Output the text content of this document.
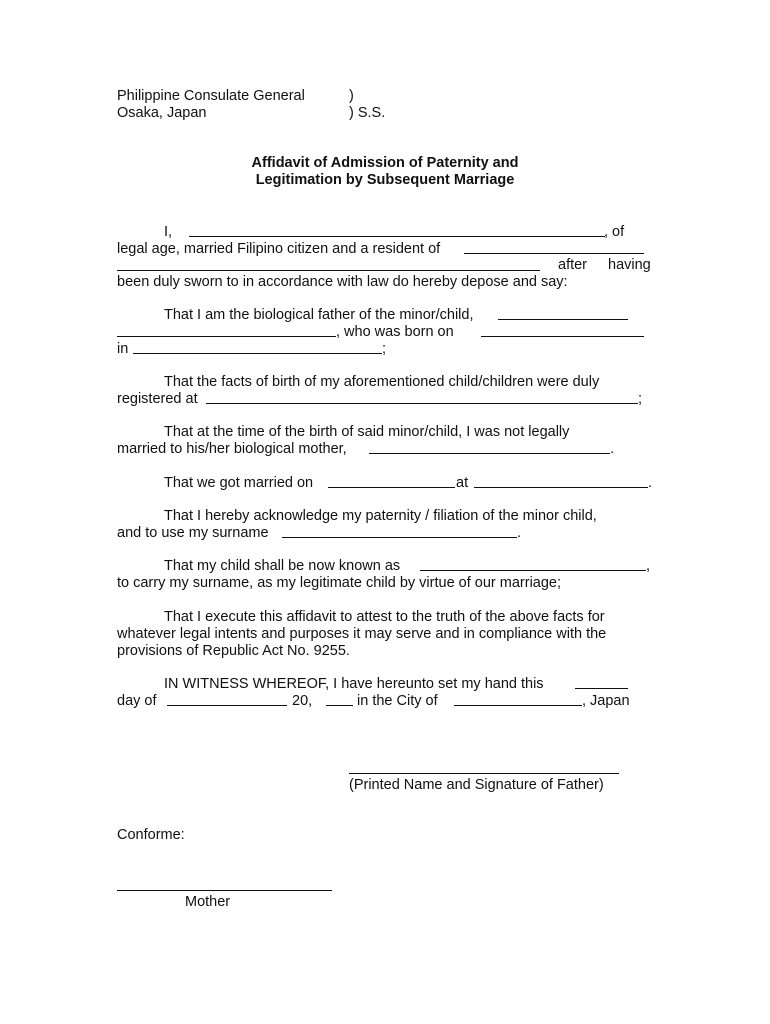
Philippine Consulate General
Osaka, Japan
)
) S.S.
Affidavit of Admission of Paternity and
Legitimation by Subsequent Marriage
I,	, of
legal age, married Filipino citizen and a resident of
after having
been duly sworn to in accordance with law do hereby depose and say:
That I am the biological father of the minor/child,
, who was born on
in	;
That the facts of birth of my aforementioned child/children were duly
registered at	;
That at the time of the birth of said minor/child, I was not legally
married to his/her biological mother,	.
That we got married on	at	.
That I hereby acknowledge my paternity / filiation of the minor child,
and to use my surname	.
That my child shall be now known as	,
to carry my surname, as my legitimate child by virtue of our marriage;
That I execute this affidavit to attest to the truth of the above facts for
whatever legal intents and purposes it may serve and in compliance with the
provisions of Republic Act No. 9255.
IN WITNESS WHEREOF, I have hereunto set my hand this
day of	20,	in the City of	, Japan
(Printed Name and Signature of Father)
Conforme:
Mother
